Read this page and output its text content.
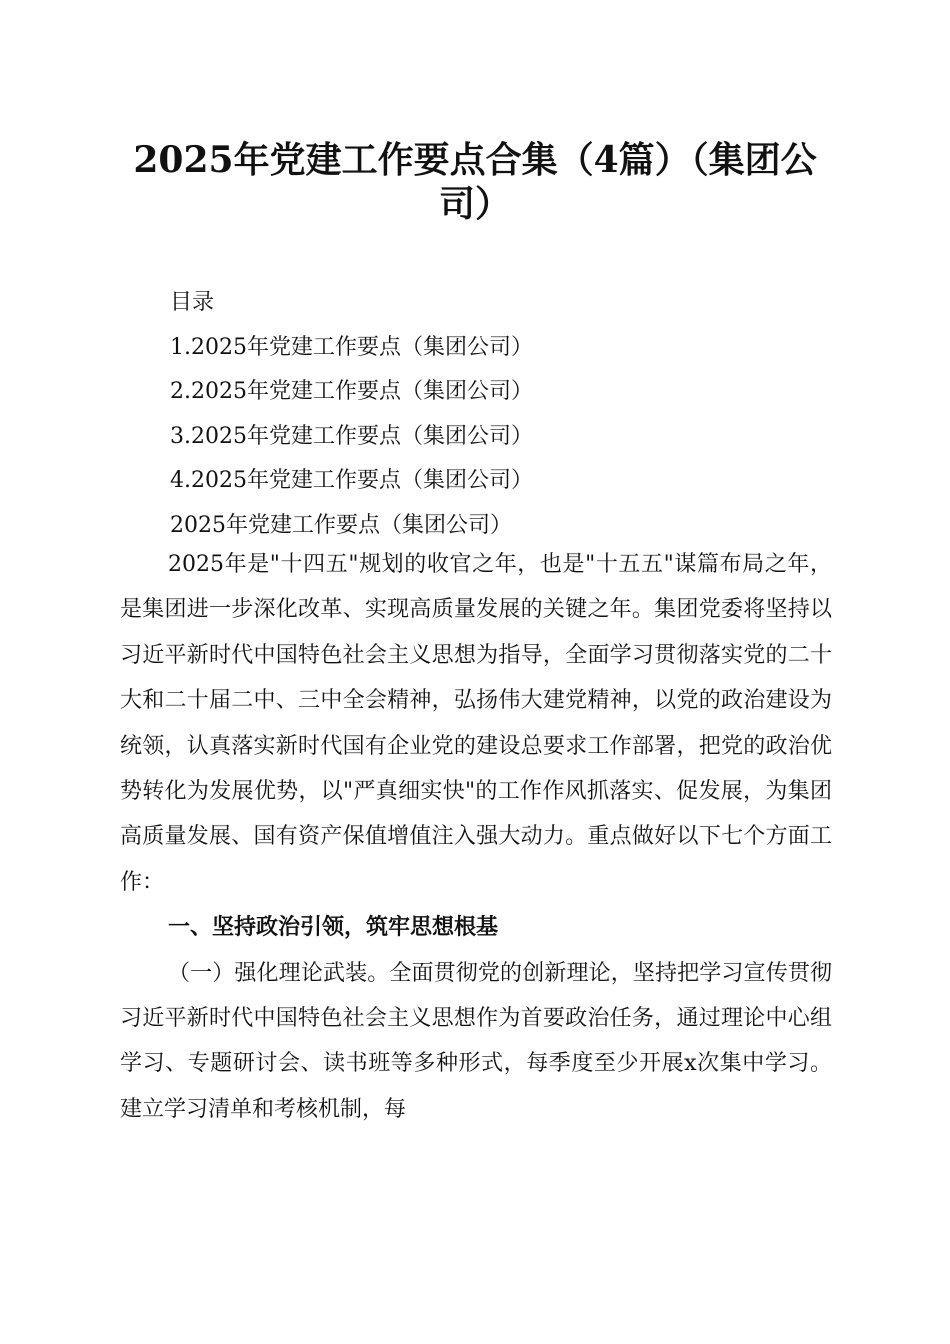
2025年党建工作要点合集（4篇）（集团公司）

目录

1.2025年党建工作要点（集团公司）

2.2025年党建工作要点（集团公司）

3.2025年党建工作要点（集团公司）

4.2025年党建工作要点（集团公司）

2025年党建工作要点（集团公司）

2025年是"十四五"规划的收官之年，也是"十五五"谋篇布局之年，是集团进一步深化改革、实现高质量发展的关键之年。集团党委将坚持以习近平新时代中国特色社会主义思想为指导，全面学习贯彻落实党的二十大和二十届二中、三中全会精神，弘扬伟大建党精神，以党的政治建设为统领，认真落实新时代国有企业党的建设总要求工作部署，把党的政治优势转化为发展优势，以"严真细实快"的工作作风抓落实、促发展，为集团高质量发展、国有资产保值增值注入强大动力。重点做好以下七个方面工作：

一、坚持政治引领，筑牢思想根基

（一）强化理论武装。全面贯彻党的创新理论，坚持把学习宣传贯彻习近平新时代中国特色社会主义思想作为首要政治任务，通过理论中心组学习、专题研讨会、读书班等多种形式，每季度至少开展x次集中学习。建立学习清单和考核机制，每
